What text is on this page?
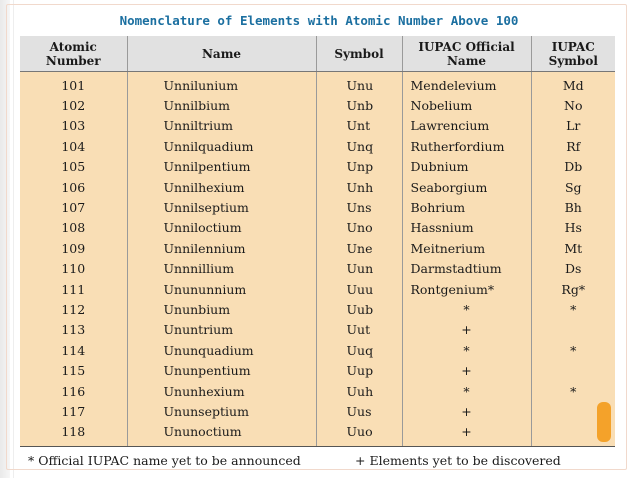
Nomenclature of Elements with Atomic Number Above 100
Atomic Number	Name	Symbol	IUPAC Official Name	IUPAC Symbol
101	Unnilunium	Unu	Mendelevium	Md
102	Unnilbium	Unb	Nobelium	No
103	Unniltrium	Unt	Lawrencium	Lr
104	Unnilquadium	Unq	Rutherfordium	Rf
105	Unnilpentium	Unp	Dubnium	Db
106	Unnilhexium	Unh	Seaborgium	Sg
107	Unnilseptium	Uns	Bohrium	Bh
108	Unniloctium	Uno	Hassnium	Hs
109	Unnilennium	Une	Meitnerium	Mt
110	Unnnillium	Uun	Darmstadtium	Ds
111	Unununnium	Uuu	Rontgenium*	Rg*
112	Ununbium	Uub	*	*
113	Ununtrium	Uut	+	
114	Ununquadium	Uuq	*	*
115	Ununpentium	Uup	+	
116	Ununhexium	Uuh	*	*
117	Ununseptium	Uus	+	
118	Ununoctium	Uuo	+	
* Official IUPAC name yet to be announced	+ Elements yet to be discovered
